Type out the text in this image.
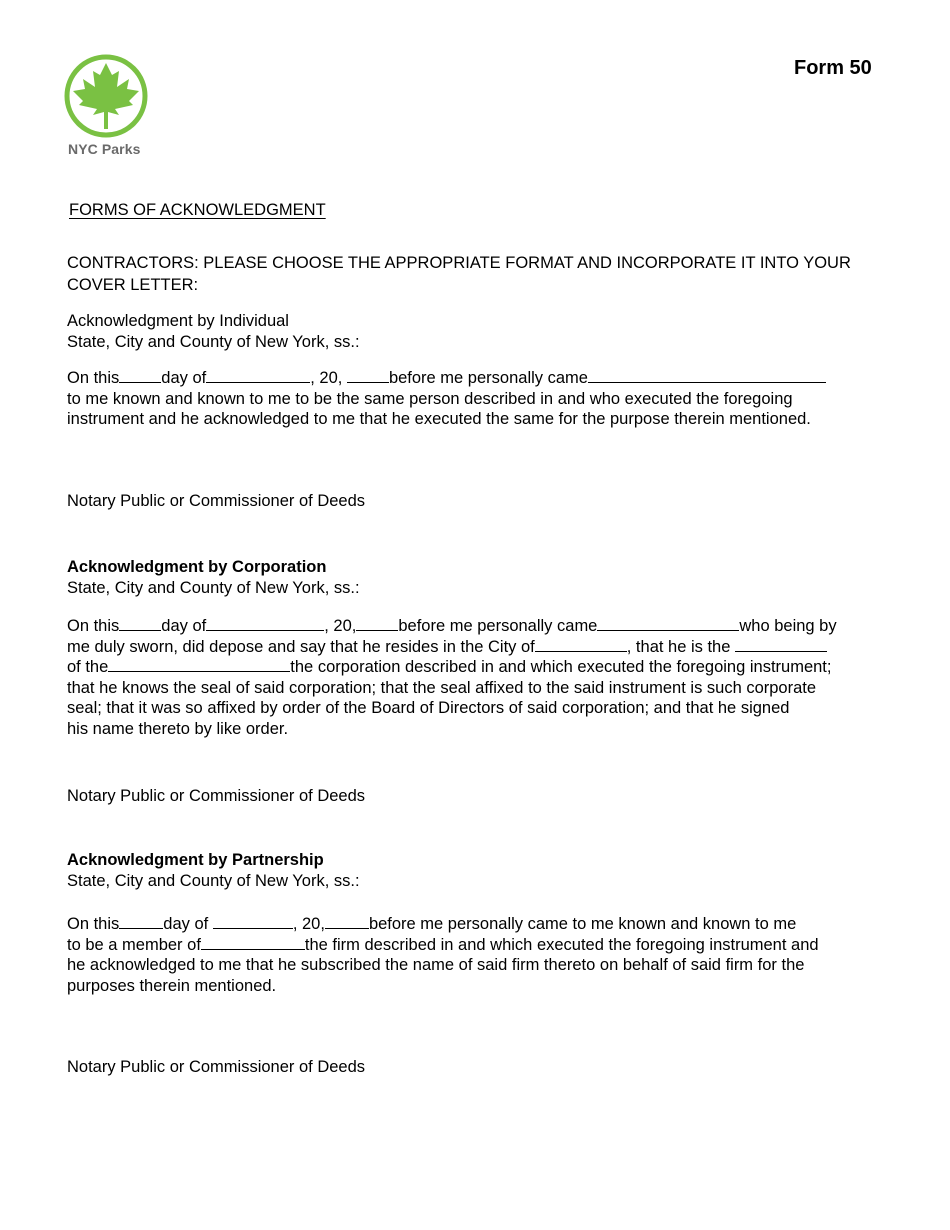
NYC Parks
Form 50
FORMS OF ACKNOWLEDGMENT
CONTRACTORS: PLEASE CHOOSE THE APPROPRIATE FORMAT AND INCORPORATE IT INTO YOUR COVER LETTER:
Acknowledgment by Individual
State, City and County of New York, ss.:
On this	day of	, 20,	before me personally came
to me known and known to me to be the same person described in and who executed the foregoing
instrument and he acknowledged to me that he executed the same for the purpose therein mentioned.
Notary Public or Commissioner of Deeds
Acknowledgment by Corporation
State, City and County of New York, ss.:
On this	day of	, 20,	before me personally came	who being by
me duly sworn, did depose and say that he resides in the City of	, that he is the
of the	the corporation described in and which executed the foregoing instrument;
that he knows the seal of said corporation; that the seal affixed to the said instrument is such corporate
seal; that it was so affixed by order of the Board of Directors of said corporation; and that he signed
his name thereto by like order.
Notary Public or Commissioner of Deeds
Acknowledgment by Partnership
State, City and County of New York, ss.:
On this	day of	, 20,	before me personally came to me known and known to me
to be a member of	the firm described in and which executed the foregoing instrument and
he acknowledged to me that he subscribed the name of said firm thereto on behalf of said firm for the
purposes therein mentioned.
Notary Public or Commissioner of Deeds
